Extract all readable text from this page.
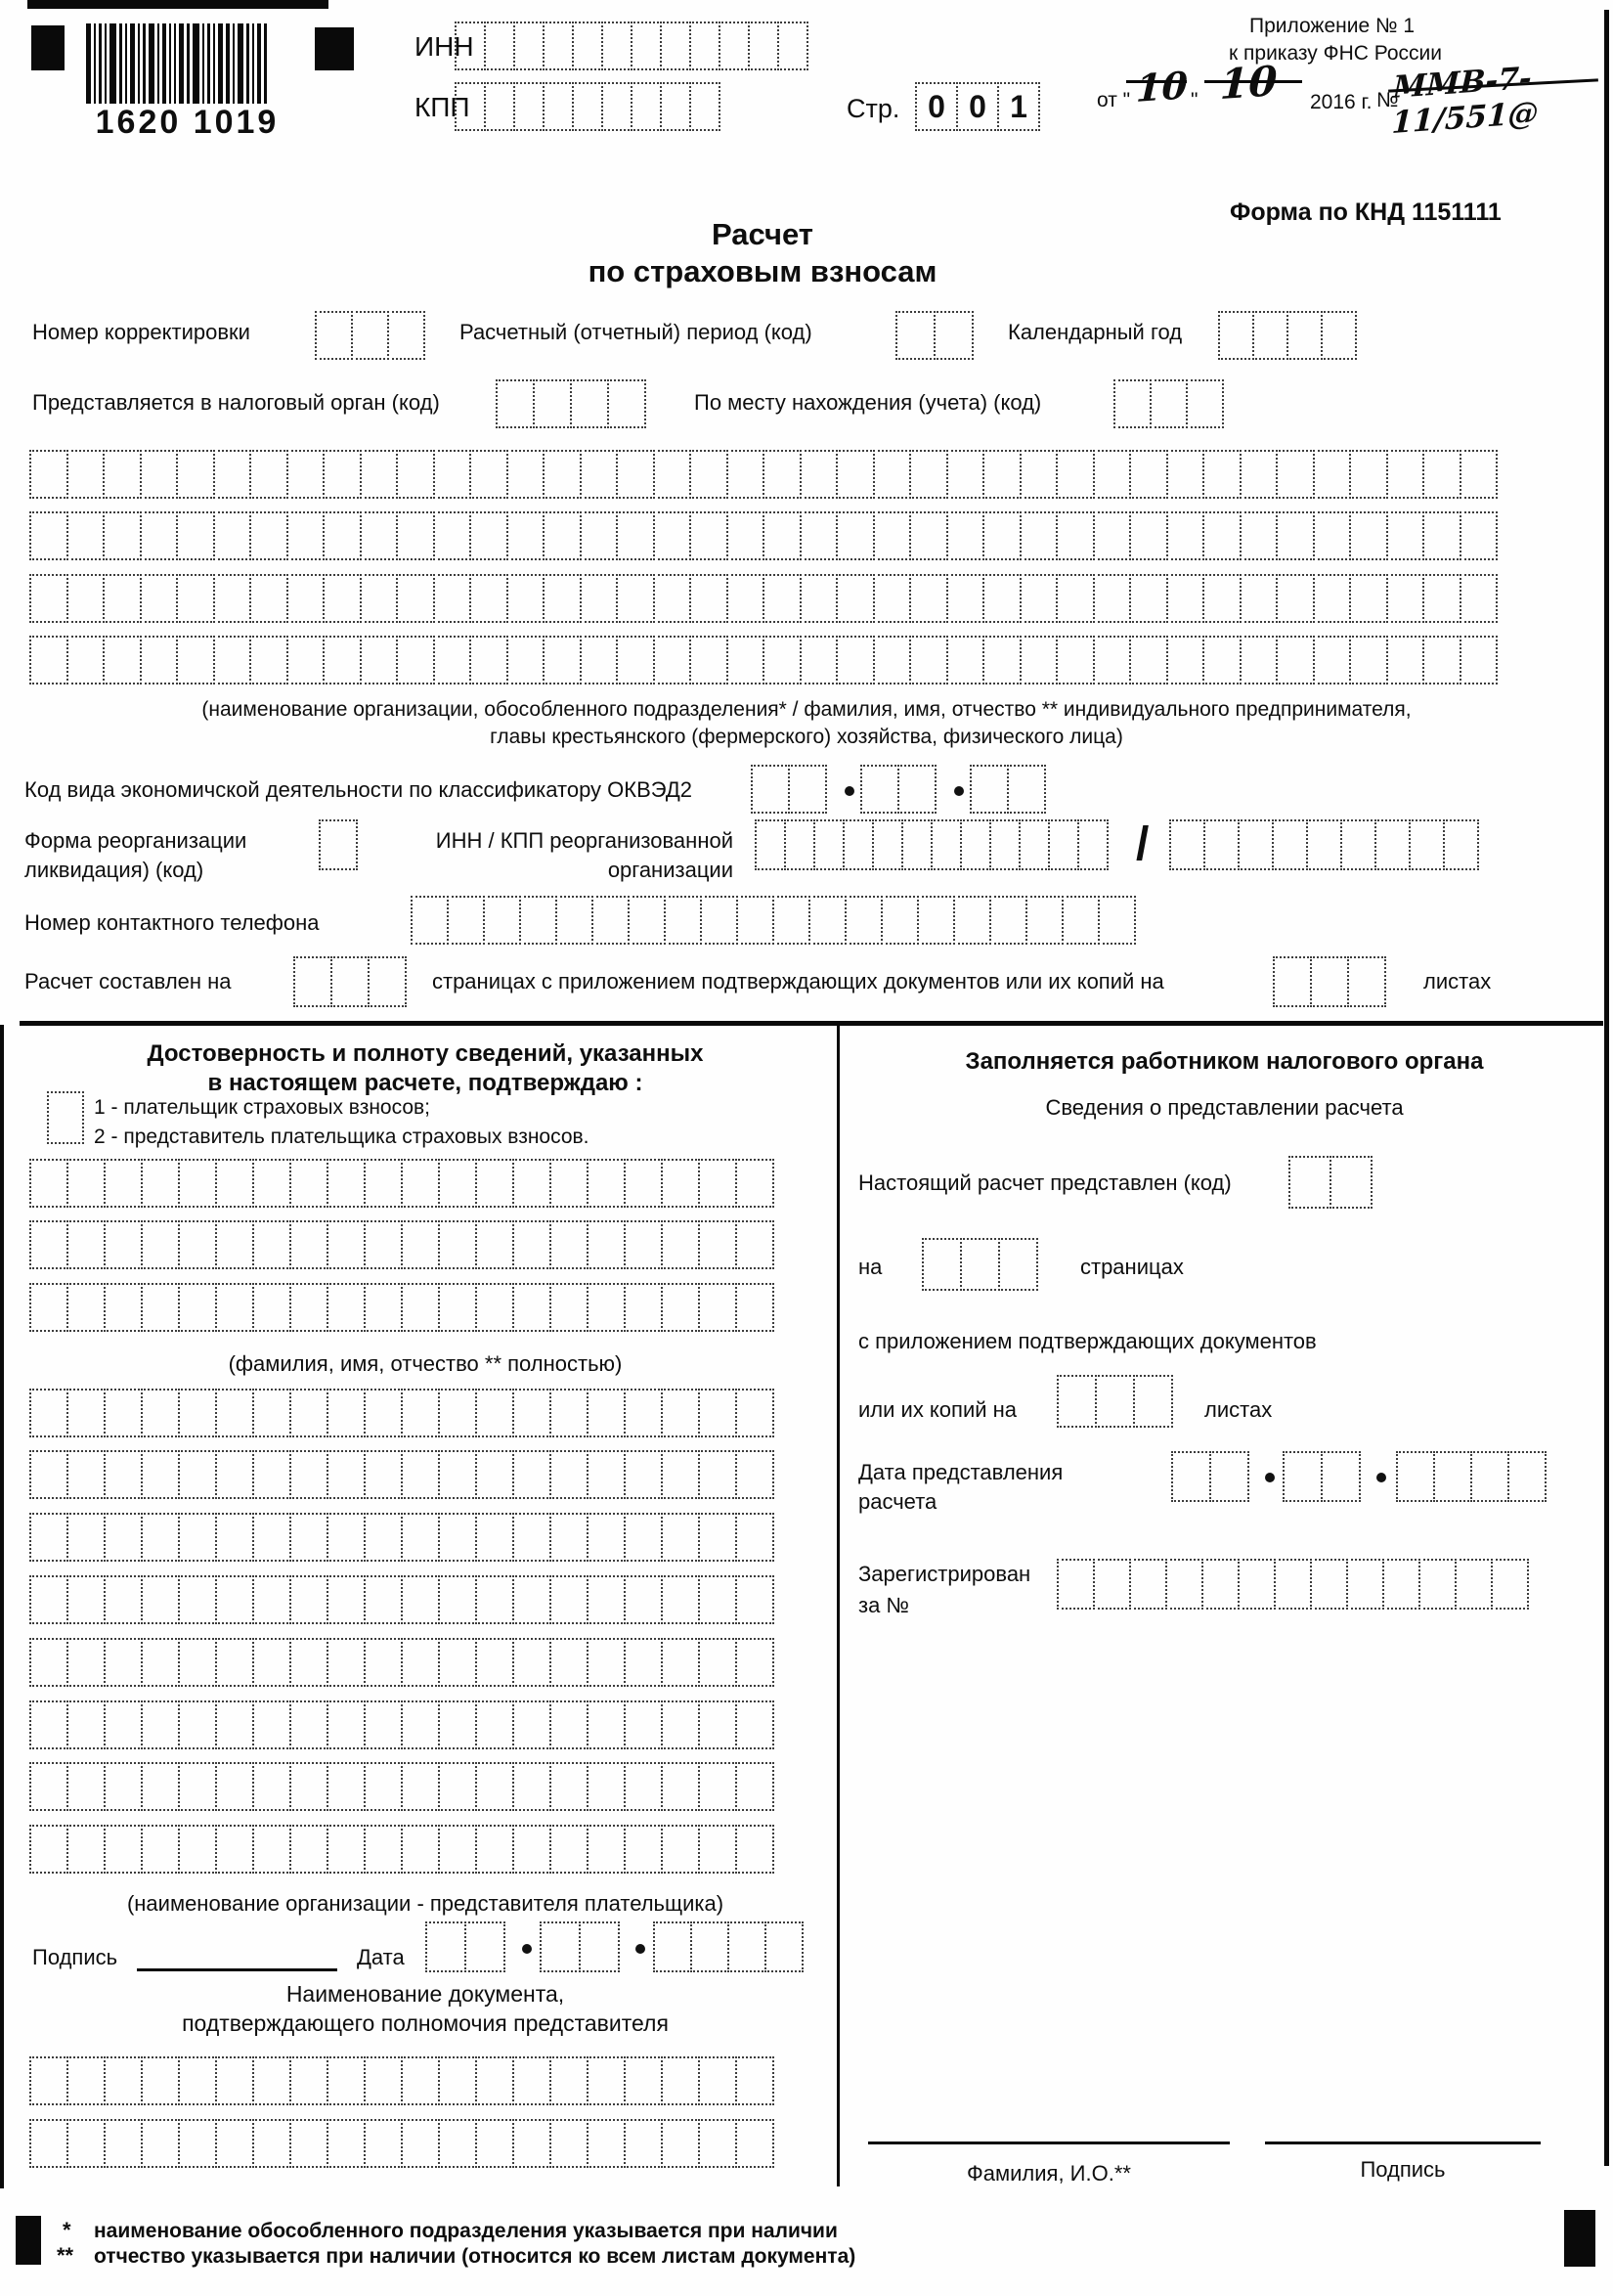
1620 1019
ИНН
КПП	Стр. 0 0 1
Приложение № 1
к приказу ФНС России
от " 10 " 10 2016 г. №
ММВ-7-11/551@
Форма по КНД 1151111
Расчет
по страховым взносам
Номер корректировки	Расчетный (отчетный) период (код)	Календарный год
Представляется в налоговый орган (код)	По месту нахождения (учета) (код)
(наименование организации, обособленного подразделения* / фамилия, имя, отчество ** индивидуального предпринимателя,
главы крестьянского (фермерского) хозяйства, физического лица)
Код вида экономичской деятельности по классификатору ОКВЭД2
Форма реорганизации
ликвидация) (код)
ИНН / КПП реорганизованной
организации	/
Номер контактного телефона
Расчет составлен на	страницах с приложением подтверждающих документов или их копий на	листах
Достоверность и полноту сведений, указанных
в настоящем расчете, подтверждаю :
1 - плательщик страховых взносов;
2 - представитель плательщика страховых взносов.
(фамилия, имя, отчество ** полностью)
(наименование организации - представителя плательщика)
Подпись	Дата
Наименование документа,
подтверждающего полномочия представителя
* наименование обособленного подразделения указывается при наличии
** отчество указывается при наличии (относится ко всем листам документа)
Заполняется работником налогового органа
Сведения о представлении расчета
Настоящий расчет представлен (код)
на	страницах
с приложением подтверждающих документов
или их копий на	листах
Дата представления
расчета
Зарегистрирован
за №
Фамилия, И.О.**	Подпись
